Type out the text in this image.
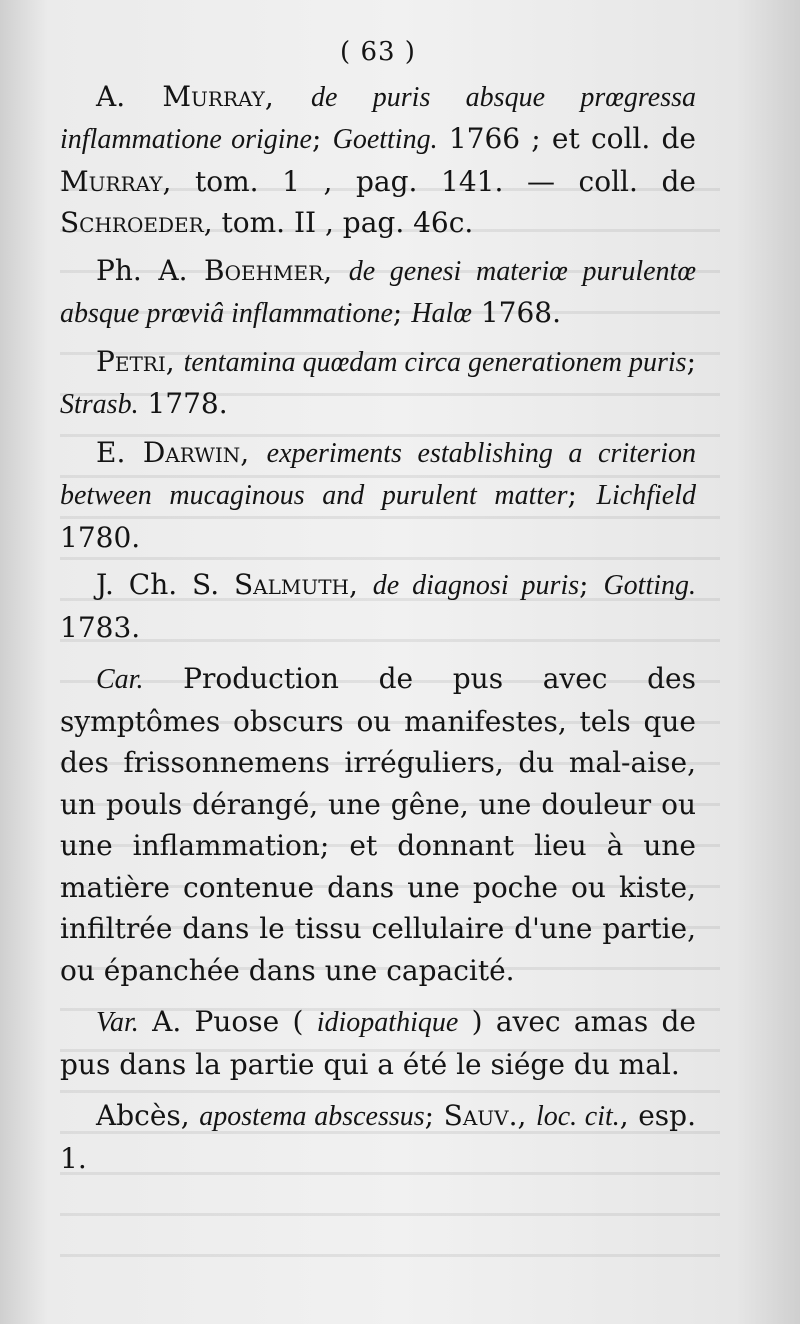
( 63 )

A. Murray, de puris absque prœgressa inflammatione origine; Goetting. 1766 ; et coll. de Murray, tom. 1 , pag. 141. — coll. de Schroeder, tom. II , pag. 46c.

Ph. A. Boehmer, de genesi materiœ purulentœ absque prœviâ inflammatione; Halœ 1768.

Petri, tentamina quœdam circa generationem puris; Strasb. 1778.

E. Darwin, experiments establishing a criterion between mucaginous and purulent matter; Lichfield 1780.

J. Ch. S. Salmuth, de diagnosi puris; Gotting. 1783.

Car. Production de pus avec des symptômes obscurs ou manifestes, tels que des frissonnemens irréguliers, du mal-aise, un pouls dérangé, une gêne, une douleur ou une inflammation; et donnant lieu à une matière contenue dans une poche ou kiste, infiltrée dans le tissu cellulaire d'une partie, ou épanchée dans une capacité.

Var. A. Puose ( idiopathique ) avec amas de pus dans la partie qui a été le siége du mal.

Abcès, apostema abscessus; Sauv., loc. cit., esp. 1.
